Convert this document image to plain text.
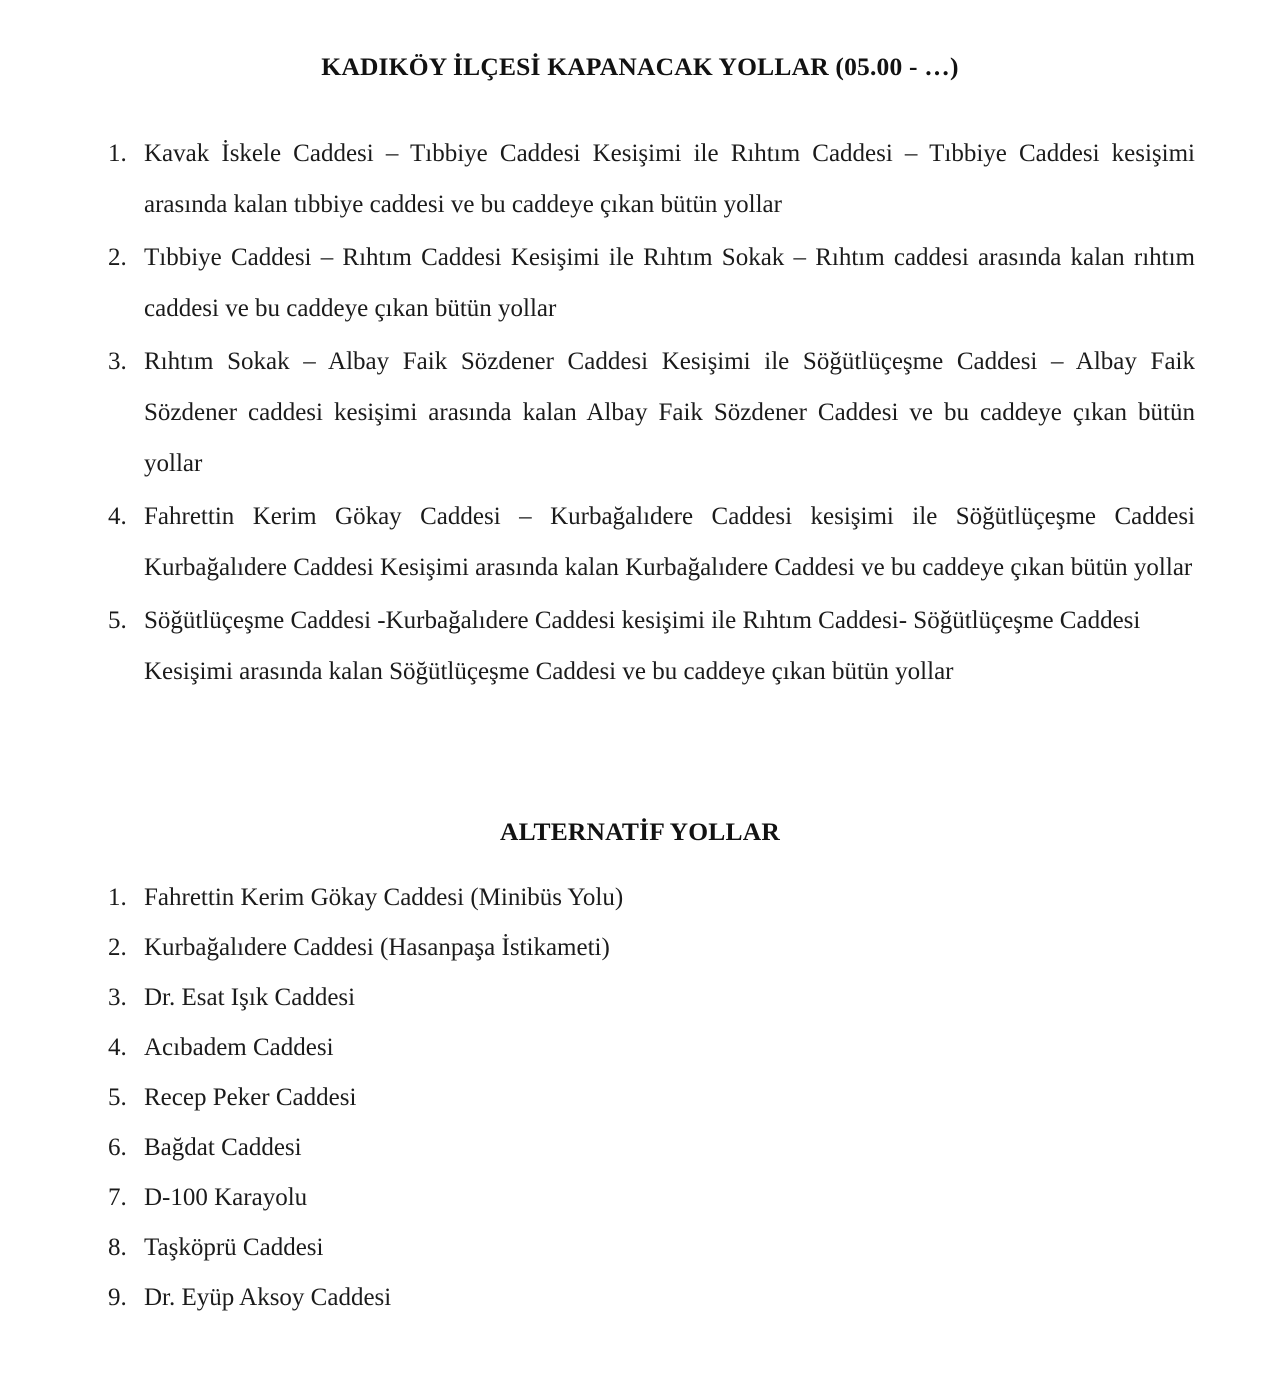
KADIKÖY İLÇESİ KAPANACAK YOLLAR (05.00 - …)
1. Kavak İskele Caddesi – Tıbbiye Caddesi Kesişimi ile Rıhtım Caddesi – Tıbbiye Caddesi kesişimi arasında kalan tıbbiye caddesi ve bu caddeye çıkan bütün yollar
2. Tıbbiye Caddesi – Rıhtım Caddesi Kesişimi ile Rıhtım Sokak – Rıhtım caddesi arasında kalan rıhtım caddesi ve bu caddeye çıkan bütün yollar
3. Rıhtım Sokak – Albay Faik Sözdener Caddesi Kesişimi ile Söğütlüçeşme Caddesi – Albay Faik Sözdener caddesi kesişimi arasında kalan Albay Faik Sözdener Caddesi ve bu caddeye çıkan bütün yollar
4. Fahrettin Kerim Gökay Caddesi – Kurbağalıdere Caddesi kesişimi ile Söğütlüçeşme Caddesi Kurbağalıdere Caddesi Kesişimi arasında kalan Kurbağalıdere Caddesi ve bu caddeye çıkan bütün yollar
5. Söğütlüçeşme Caddesi -Kurbağalıdere Caddesi kesişimi ile Rıhtım Caddesi- Söğütlüçeşme Caddesi Kesişimi arasında kalan Söğütlüçeşme Caddesi ve bu caddeye çıkan bütün yollar
ALTERNATİF YOLLAR
1. Fahrettin Kerim Gökay Caddesi (Minibüs Yolu)
2. Kurbağalıdere Caddesi (Hasanpaşa İstikameti)
3. Dr. Esat Işık Caddesi
4. Acıbadem Caddesi
5. Recep Peker Caddesi
6. Bağdat Caddesi
7. D-100 Karayolu
8. Taşköprü Caddesi
9. Dr. Eyüp Aksoy Caddesi
